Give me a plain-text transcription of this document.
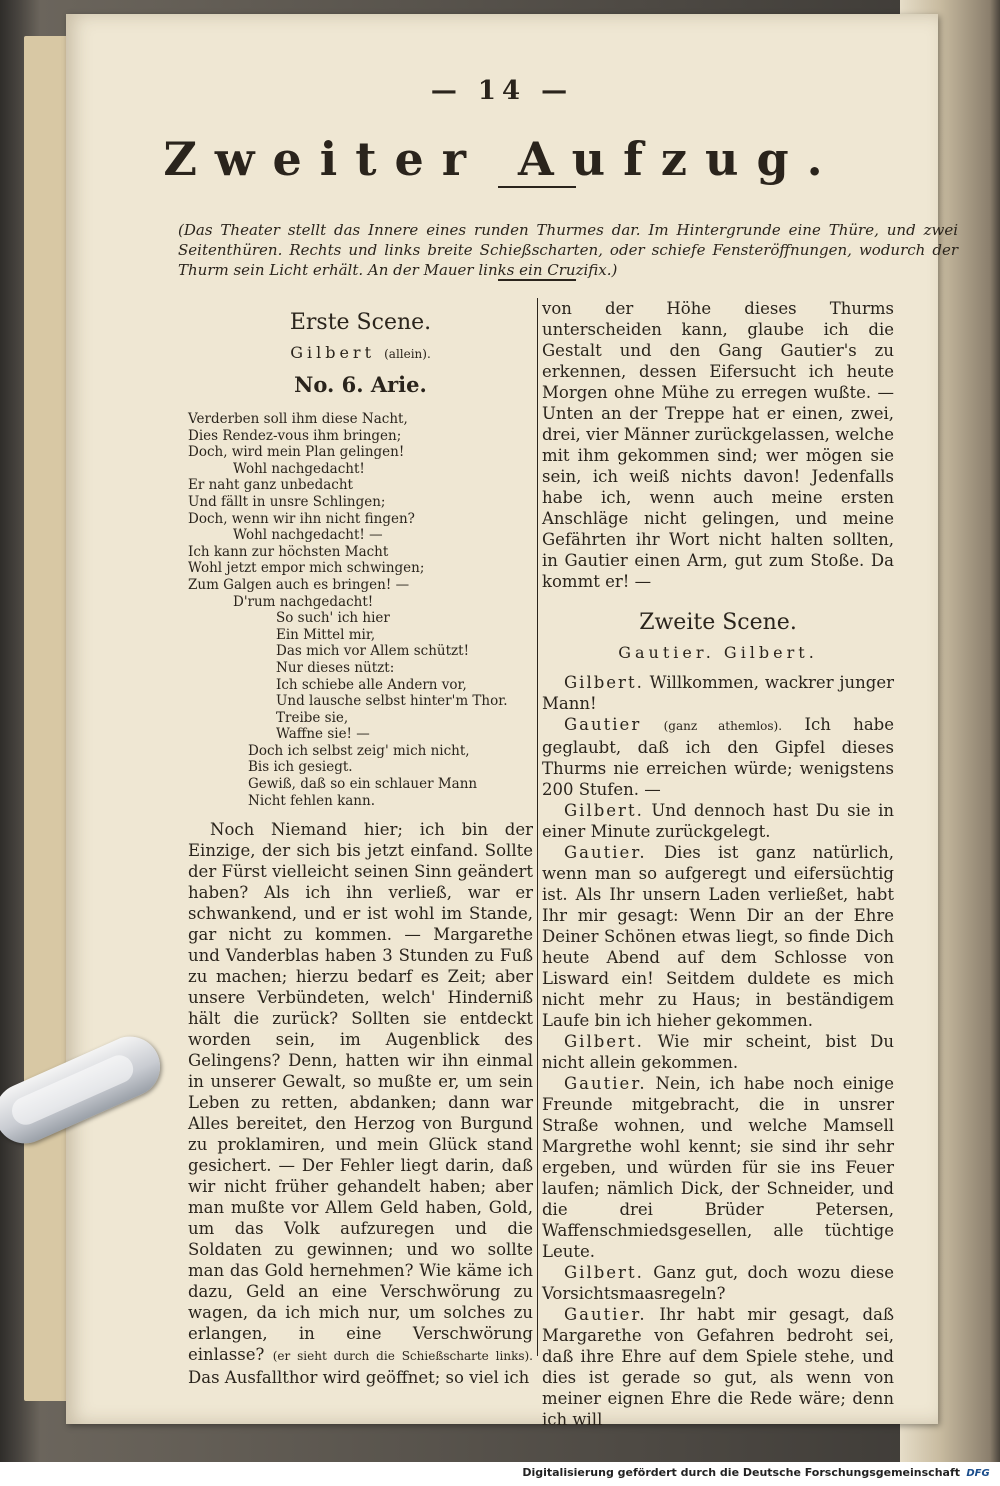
— 14 —
Zweiter Aufzug.
(Das Theater stellt das Innere eines runden Thurmes dar. Im Hintergrunde eine Thüre, und zwei Seitenthüren. Rechts und links breite Schießscharten, oder schiefe Fensteröffnungen, wodurch der Thurm sein Licht erhält. An der Mauer links ein Cruzifix.)
Erste Scene.
Gilbert (allein).
No. 6. Arie.
Verderben soll ihm diese Nacht,
Dies Rendez-vous ihm bringen;
Doch, wird mein Plan gelingen!
Wohl nachgedacht!
Er naht ganz unbedacht
Und fällt in unsre Schlingen;
Doch, wenn wir ihn nicht fingen?
Wohl nachgedacht! —
Ich kann zur höchsten Macht
Wohl jetzt empor mich schwingen;
Zum Galgen auch es bringen! —
D'rum nachgedacht!
So such' ich hier
Ein Mittel mir,
Das mich vor Allem schützt!
Nur dieses nützt:
Ich schiebe alle Andern vor,
Und lausche selbst hinter'm Thor.
Treibe sie,
Waffne sie! —
Doch ich selbst zeig' mich nicht,
Bis ich gesiegt.
Gewiß, daß so ein schlauer Mann
Nicht fehlen kann.

Noch Niemand hier; ich bin der Einzige, der sich bis jetzt einfand. Sollte der Fürst vielleicht seinen Sinn geändert haben? Als ich ihn verließ, war er schwankend, und er ist wohl im Stande, gar nicht zu kommen. — Margarethe und Vanderblas haben 3 Stunden zu Fuß zu machen; hierzu bedarf es Zeit; aber unsere Verbündeten, welch' Hinderniß hält die zurück? Sollten sie entdeckt worden sein, im Augenblick des Gelingens? Denn, hatten wir ihn einmal in unserer Gewalt, so mußte er, um sein Leben zu retten, abdanken; dann war Alles bereitet, den Herzog von Burgund zu proklamiren, und mein Glück stand gesichert. — Der Fehler liegt darin, daß wir nicht früher gehandelt haben; aber man mußte vor Allem Geld haben, Gold, um das Volk aufzuregen und die Soldaten zu gewinnen; und wo sollte man das Gold hernehmen? Wie käme ich dazu, Geld an eine Verschwörung zu wagen, da ich mich nur, um solches zu erlangen, in eine Verschwörung einlasse? (er sieht durch die Schießscharte links). Das Ausfallthor wird geöffnet; so viel ich

von der Höhe dieses Thurms unterscheiden kann, glaube ich die Gestalt und den Gang Gautier's zu erkennen, dessen Eifersucht ich heute Morgen ohne Mühe zu erregen wußte. — Unten an der Treppe hat er einen, zwei, drei, vier Männer zurückgelassen, welche mit ihm gekommen sind; wer mögen sie sein, ich weiß nichts davon! Jedenfalls habe ich, wenn auch meine ersten Anschläge nicht gelingen, und meine Gefährten ihr Wort nicht halten sollten, in Gautier einen Arm, gut zum Stoße. Da kommt er! —

Zweite Scene.
Gautier. Gilbert.

Gilbert. Willkommen, wackrer junger Mann!

Gautier (ganz athemlos). Ich habe geglaubt, daß ich den Gipfel dieses Thurms nie erreichen würde; wenigstens 200 Stufen. —

Gilbert. Und dennoch hast Du sie in einer Minute zurückgelegt.

Gautier. Dies ist ganz natürlich, wenn man so aufgeregt und eifersüchtig ist. Als Ihr unsern Laden verließet, habt Ihr mir gesagt: Wenn Dir an der Ehre Deiner Schönen etwas liegt, so finde Dich heute Abend auf dem Schlosse von Lisward ein! Seitdem duldete es mich nicht mehr zu Haus; in beständigem Laufe bin ich hieher gekommen.

Gilbert. Wie mir scheint, bist Du nicht allein gekommen.

Gautier. Nein, ich habe noch einige Freunde mitgebracht, die in unsrer Straße wohnen, und welche Mamsell Margrethe wohl kennt; sie sind ihr sehr ergeben, und würden für sie ins Feuer laufen; nämlich Dick, der Schneider, und die drei Brüder Petersen, Waffenschmiedsgesellen, alle tüchtige Leute.

Gilbert. Ganz gut, doch wozu diese Vorsichtsmaasregeln?

Gautier. Ihr habt mir gesagt, daß Margarethe von Gefahren bedroht sei, daß ihre Ehre auf dem Spiele stehe, und dies ist gerade so gut, als wenn von meiner eignen Ehre die Rede wäre; denn ich will

Digitalisierung gefördert durch die Deutsche Forschungsgemeinschaft DFG
